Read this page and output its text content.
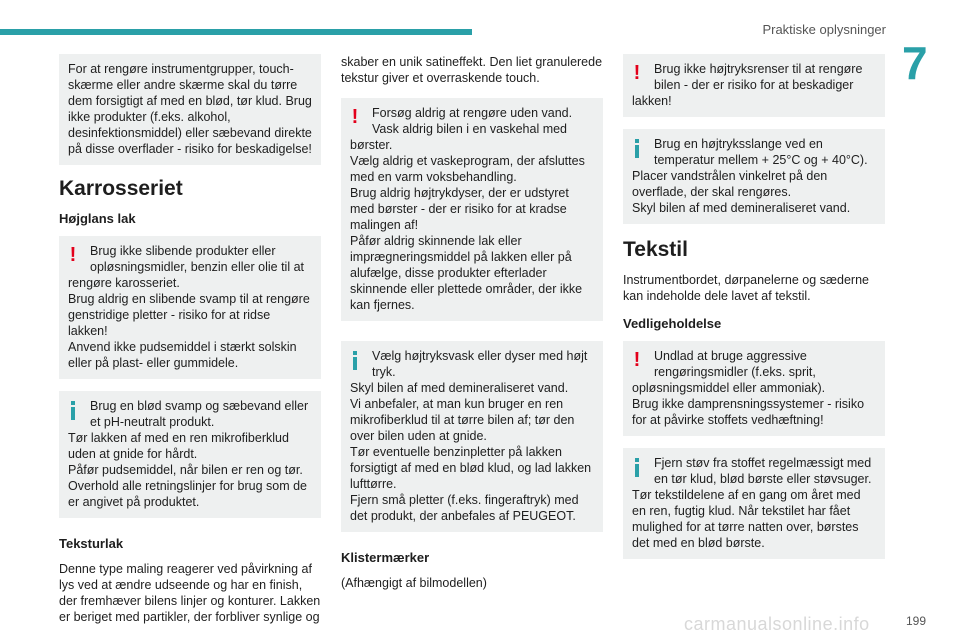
Praktiske oplysninger
7
For at rengøre instrumentgrupper, touch-skærme eller andre skærme skal du tørre dem forsigtigt af med en blød, tør klud. Brug ikke produkter (f.eks. alkohol, desinfektionsmiddel) eller sæbevand direkte på disse overflader - risiko for beskadigelse!
Karrosseriet
Højglans lak
!	Brug ikke slibende produkter eller opløsningsmidler, benzin eller olie til at
rengøre karosseriet.
Brug aldrig en slibende svamp til at rengøre genstridige pletter - risiko for at ridse lakken!
Anvend ikke pudsemiddel i stærkt solskin eller på plast- eller gummidele.
Brug en blød svamp og sæbevand eller et pH-neutralt produkt.
Tør lakken af med en ren mikrofiberklud uden at gnide for hårdt.
Påfør pudsemiddel, når bilen er ren og tør.
Overhold alle retningslinjer for brug som de er angivet på produktet.
Teksturlak
Denne type maling reagerer ved påvirkning af lys ved at ændre udseende og har en finish, der fremhæver bilens linjer og konturer. Lakken er beriget med partikler, der forbliver synlige og
skaber en unik satineffekt. Den liet granulerede tekstur giver et overraskende touch.
!	Forsøg aldrig at rengøre uden vand. Vask aldrig bilen i en vaskehal med
børster.
Vælg aldrig et vaskeprogram, der afsluttes med en varm voksbehandling.
Brug aldrig højtrykdyser, der er udstyret med børster - der er risiko for at kradse malingen af!
Påfør aldrig skinnende lak eller imprægneringsmiddel på lakken eller på alufælge, disse produkter efterlader skinnende eller plettede områder, der ikke kan fjernes.
Vælg højtryksvask eller dyser med højt tryk.
Skyl bilen af med demineraliseret vand.
Vi anbefaler, at man kun bruger en ren mikrofiberklud til at tørre bilen af; tør den over bilen uden at gnide.
Tør eventuelle benzinpletter på lakken forsigtigt af med en blød klud, og lad lakken lufttørre.
Fjern små pletter (f.eks. fingeraftryk) med det produkt, der anbefales af PEUGEOT.
Klistermærker
(Afhængigt af bilmodellen)
!	Brug ikke højtryksrenser til at rengøre bilen - der er risiko for at beskadiger
lakken!
Brug en højtryksslange ved en temperatur mellem + 25°C og + 40°C).
Placer vandstrålen vinkelret på den overflade, der skal rengøres.
Skyl bilen af med demineraliseret vand.
Tekstil
Instrumentbordet, dørpanelerne og sæderne kan indeholde dele lavet af tekstil.
Vedligeholdelse
!	Undlad at bruge aggressive rengøringsmidler (f.eks. sprit,
opløsningsmiddel eller ammoniak).
Brug ikke damprensningssystemer - risiko for at påvirke stoffets vedhæftning!
Fjern støv fra stoffet regelmæssigt med en tør klud, blød børste eller støvsuger.
Tør tekstildelene af en gang om året med en ren, fugtig klud. Når tekstilet har fået mulighed for at tørre natten over, børstes det med en blød børste.
carmanualsonline.info	199
